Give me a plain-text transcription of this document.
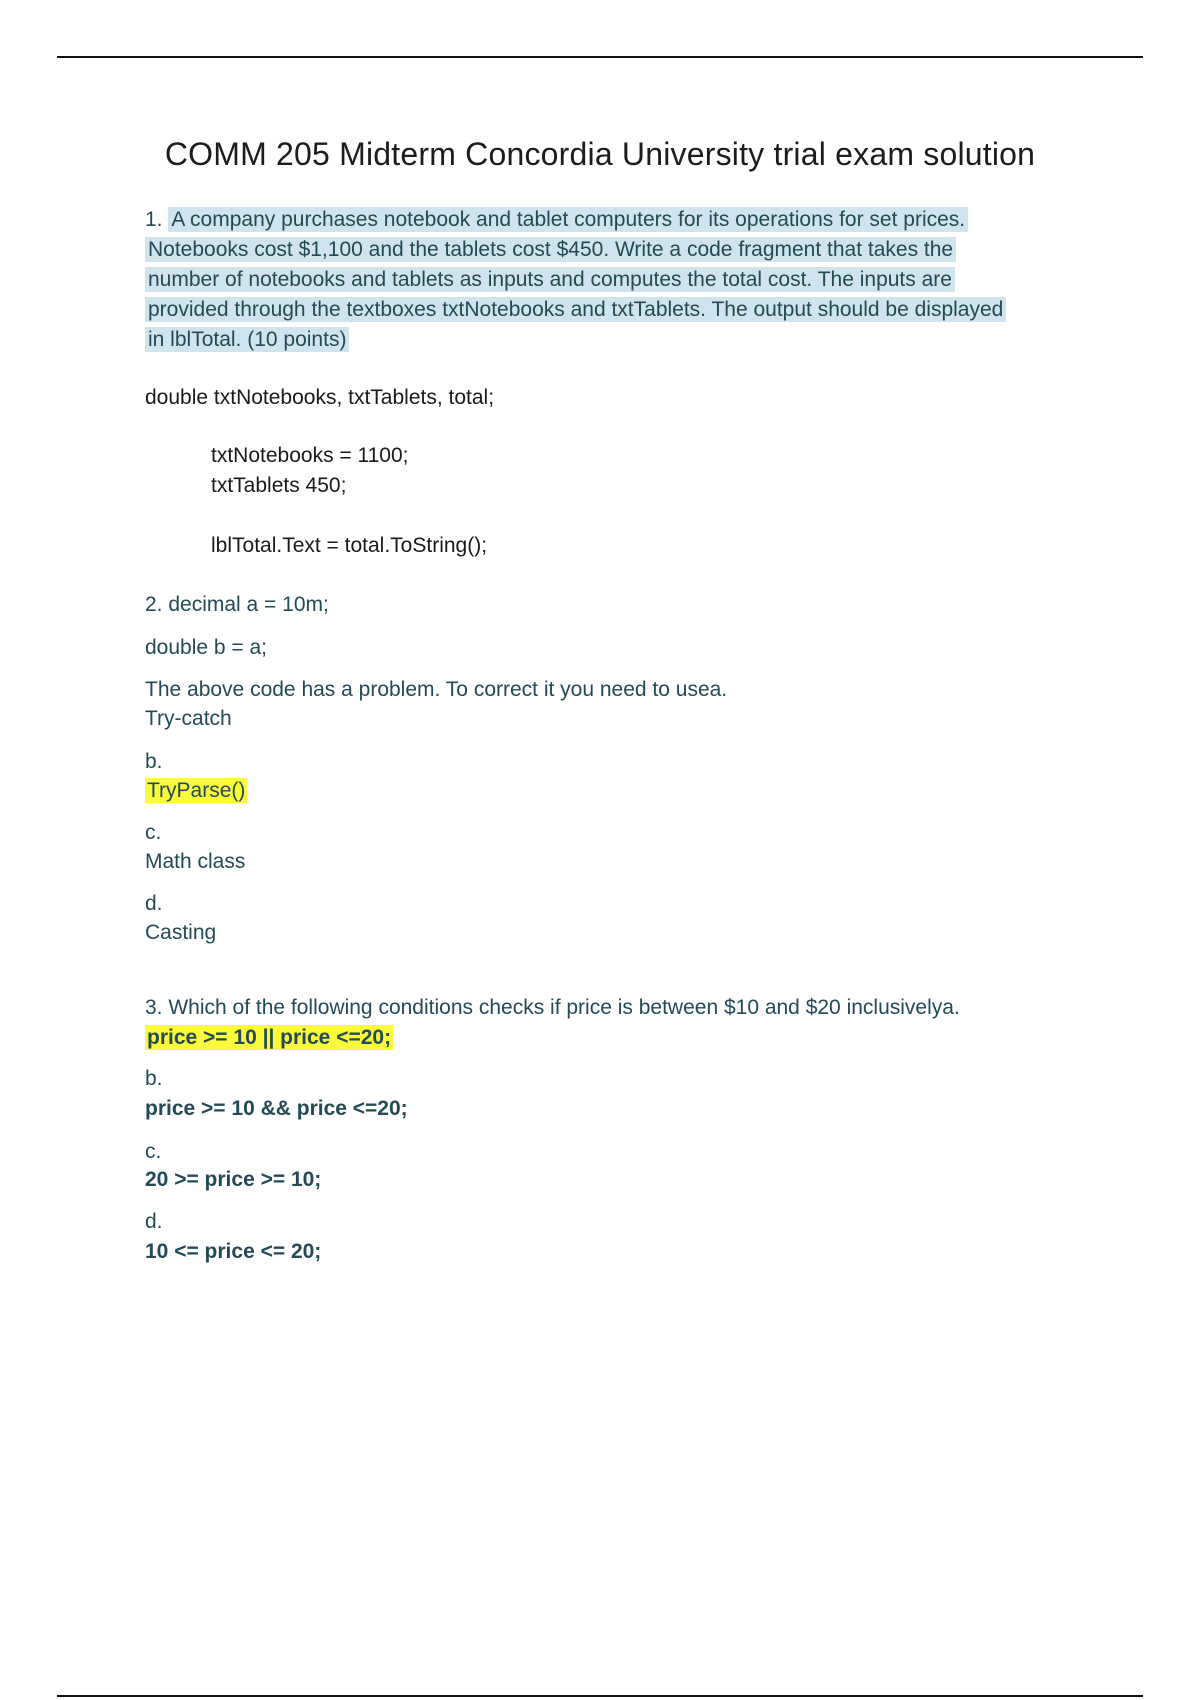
COMM 205 Midterm Concordia University trial exam solution
1. A company purchases notebook and tablet computers for its operations for set prices.
Notebooks cost $1,100 and the tablets cost $450. Write a code fragment that takes the
number of notebooks and tablets as inputs and computes the total cost. The inputs are
provided through the textboxes txtNotebooks and txtTablets. The output should be displayed
in lblTotal. (10 points)
double txtNotebooks, txtTablets, total;
txtNotebooks = 1100;
txtTablets 450;
lblTotal.Text = total.ToString();
2. decimal a = 10m;
double b = a;
The above code has a problem. To correct it you need to usea.
Try-catch
b.
TryParse()
c.
Math class
d.
Casting
3. Which of the following conditions checks if price is between $10 and $20 inclusivelya.
price >= 10 || price <=20;
b.
price >= 10 && price <=20;
c.
20 >= price >= 10;
d.
10 <= price <= 20;
